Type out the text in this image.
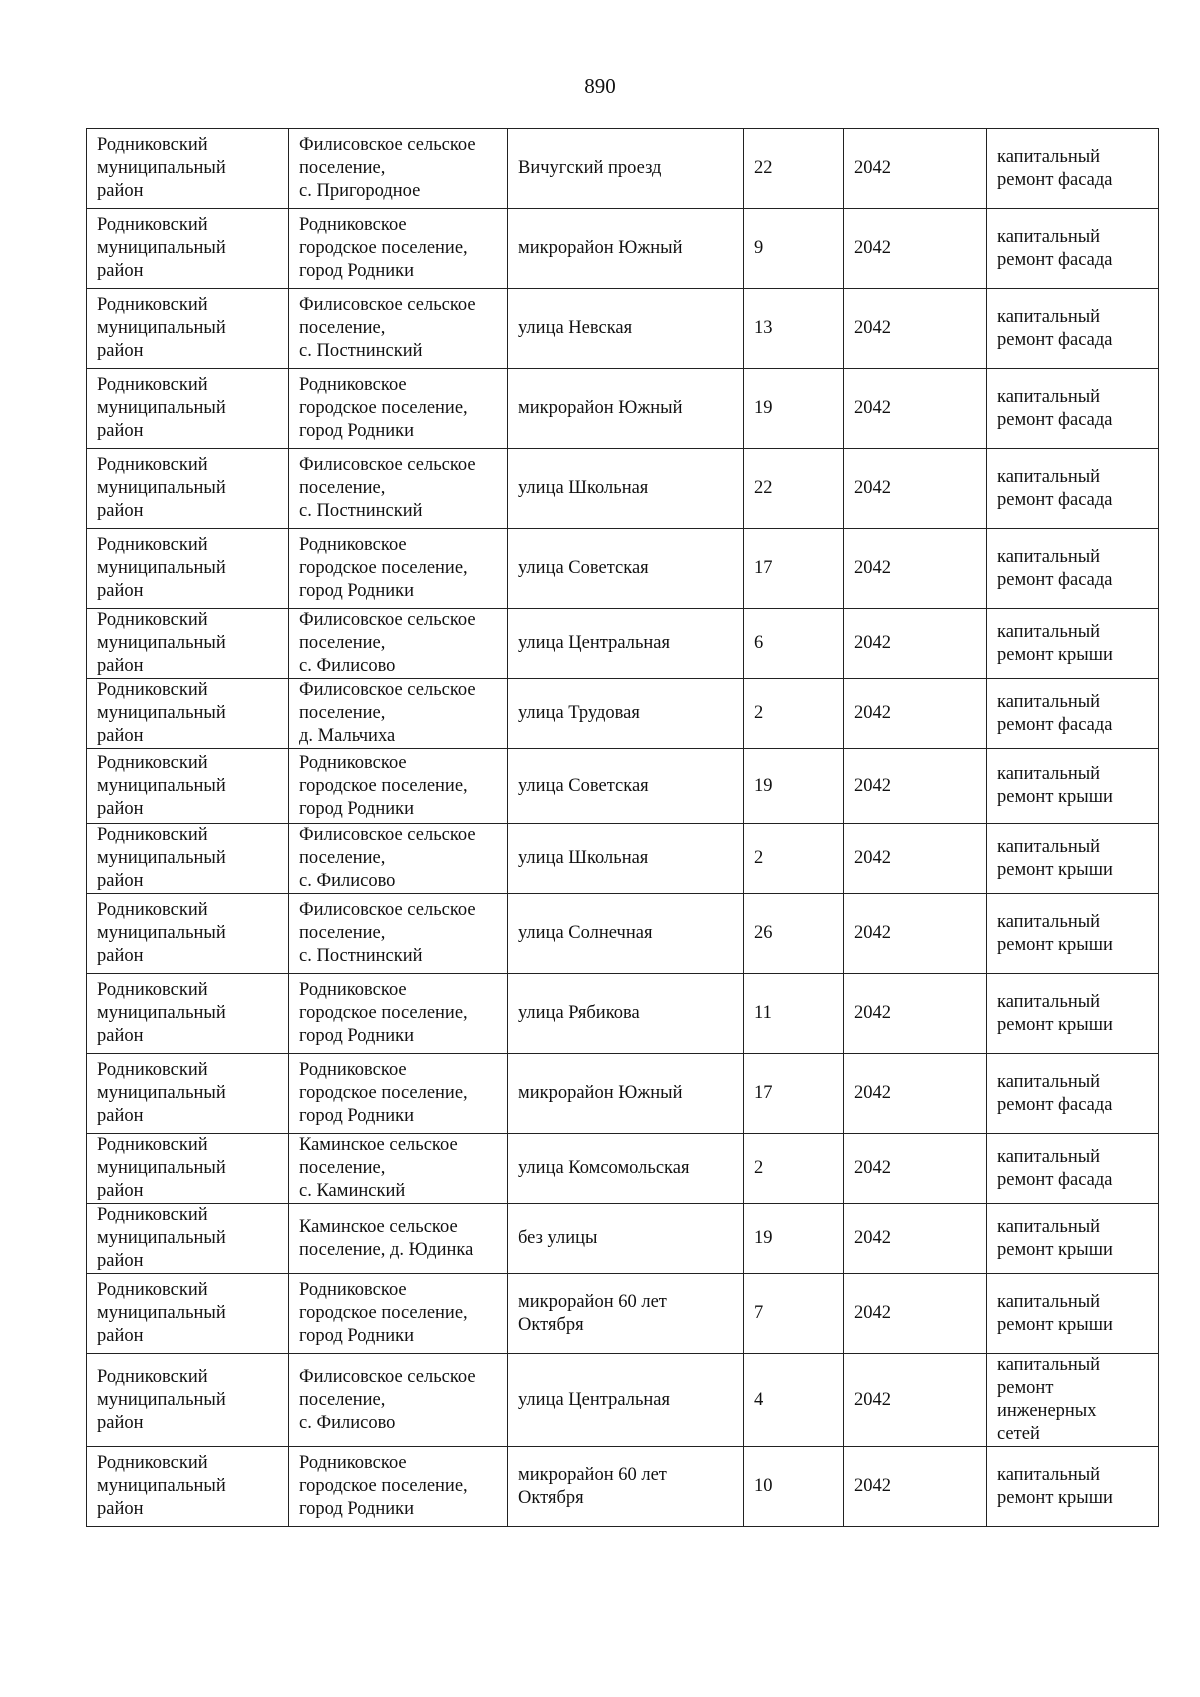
890
Родниковский
муниципальный
район	Филисовское сельское
поселение,
с. Пригородное	Вичугский проезд	22	2042	капитальный
ремонт фасада
Родниковский
муниципальный
район	Родниковское
городское поселение,
город Родники	микрорайон Южный	9	2042	капитальный
ремонт фасада
Родниковский
муниципальный
район	Филисовское сельское
поселение,
с. Постнинский	улица Невская	13	2042	капитальный
ремонт фасада
Родниковский
муниципальный
район	Родниковское
городское поселение,
город Родники	микрорайон Южный	19	2042	капитальный
ремонт фасада
Родниковский
муниципальный
район	Филисовское сельское
поселение,
с. Постнинский	улица Школьная	22	2042	капитальный
ремонт фасада
Родниковский
муниципальный
район	Родниковское
городское поселение,
город Родники	улица Советская	17	2042	капитальный
ремонт фасада
Родниковский
муниципальный
район	Филисовское сельское
поселение,
с. Филисово	улица Центральная	6	2042	капитальный
ремонт крыши
Родниковский
муниципальный
район	Филисовское сельское
поселение,
д. Мальчиха	улица Трудовая	2	2042	капитальный
ремонт фасада
Родниковский
муниципальный
район	Родниковское
городское поселение,
город Родники	улица Советская	19	2042	капитальный
ремонт крыши
Родниковский
муниципальный
район	Филисовское сельское
поселение,
с. Филисово	улица Школьная	2	2042	капитальный
ремонт крыши
Родниковский
муниципальный
район	Филисовское сельское
поселение,
с. Постнинский	улица Солнечная	26	2042	капитальный
ремонт крыши
Родниковский
муниципальный
район	Родниковское
городское поселение,
город Родники	улица Рябикова	11	2042	капитальный
ремонт крыши
Родниковский
муниципальный
район	Родниковское
городское поселение,
город Родники	микрорайон Южный	17	2042	капитальный
ремонт фасада
Родниковский
муниципальный
район	Каминское сельское
поселение,
с. Каминский	улица Комсомольская	2	2042	капитальный
ремонт фасада
Родниковский
муниципальный
район	Каминское сельское
поселение, д. Юдинка	без улицы	19	2042	капитальный
ремонт крыши
Родниковский
муниципальный
район	Родниковское
городское поселение,
город Родники	микрорайон 60 лет
Октября	7	2042	капитальный
ремонт крыши
Родниковский
муниципальный
район	Филисовское сельское
поселение,
с. Филисово	улица Центральная	4	2042	капитальный
ремонт
инженерных
сетей
Родниковский
муниципальный
район	Родниковское
городское поселение,
город Родники	микрорайон 60 лет
Октября	10	2042	капитальный
ремонт крыши
